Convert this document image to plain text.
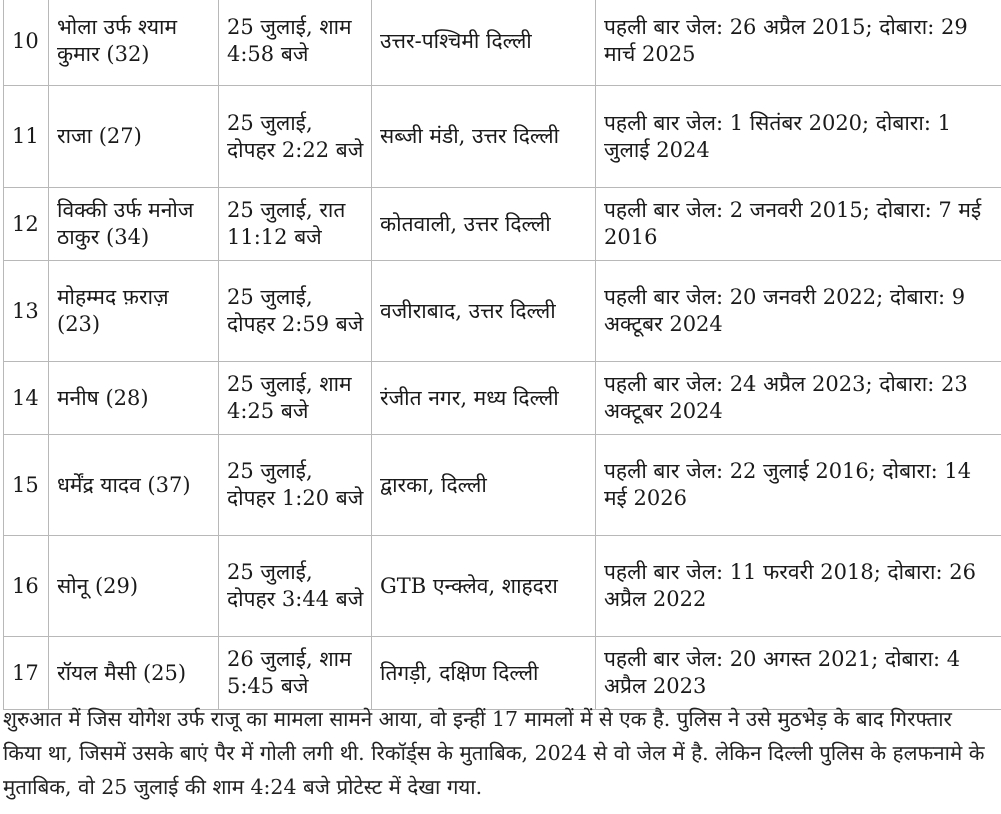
10	भोला उर्फ श्याम कुमार (32)	25 जुलाई, शाम 4:58 बजे	उत्तर-पश्चिमी दिल्ली	पहली बार जेल: 26 अप्रैल 2015; दोबारा: 29 मार्च 2025
11	राजा (27)	25 जुलाई, दोपहर 2:22 बजे	सब्जी मंडी, उत्तर दिल्ली	पहली बार जेल: 1 सितंबर 2020; दोबारा: 1 जुलाई 2024
12	विक्की उर्फ मनोज ठाकुर (34)	25 जुलाई, रात 11:12 बजे	कोतवाली, उत्तर दिल्ली	पहली बार जेल: 2 जनवरी 2015; दोबारा: 7 मई 2016
13	मोहम्मद फ़राज़ (23)	25 जुलाई, दोपहर 2:59 बजे	वजीराबाद, उत्तर दिल्ली	पहली बार जेल: 20 जनवरी 2022; दोबारा: 9 अक्टूबर 2024
14	मनीष (28)	25 जुलाई, शाम 4:25 बजे	रंजीत नगर, मध्य दिल्ली	पहली बार जेल: 24 अप्रैल 2023; दोबारा: 23 अक्टूबर 2024
15	धर्मेंद्र यादव (37)	25 जुलाई, दोपहर 1:20 बजे	द्वारका, दिल्ली	पहली बार जेल: 22 जुलाई 2016; दोबारा: 14 मई 2026
16	सोनू (29)	25 जुलाई, दोपहर 3:44 बजे	GTB एन्क्लेव, शाहदरा	पहली बार जेल: 11 फरवरी 2018; दोबारा: 26 अप्रैल 2022
17	रॉयल मैसी (25)	26 जुलाई, शाम 5:45 बजे	तिगड़ी, दक्षिण दिल्ली	पहली बार जेल: 20 अगस्त 2021; दोबारा: 4 अप्रैल 2023

शुरुआत में जिस योगेश उर्फ राजू का मामला सामने आया, वो इन्हीं 17 मामलों में से एक है. पुलिस ने उसे मुठभेड़ के बाद गिरफ्तार किया था, जिसमें उसके बाएं पैर में गोली लगी थी. रिकॉर्ड्स के मुताबिक, 2024 से वो जेल में है. लेकिन दिल्ली पुलिस के हलफनामे के मुताबिक, वो 25 जुलाई की शाम 4:24 बजे प्रोटेस्ट में देखा गया.
